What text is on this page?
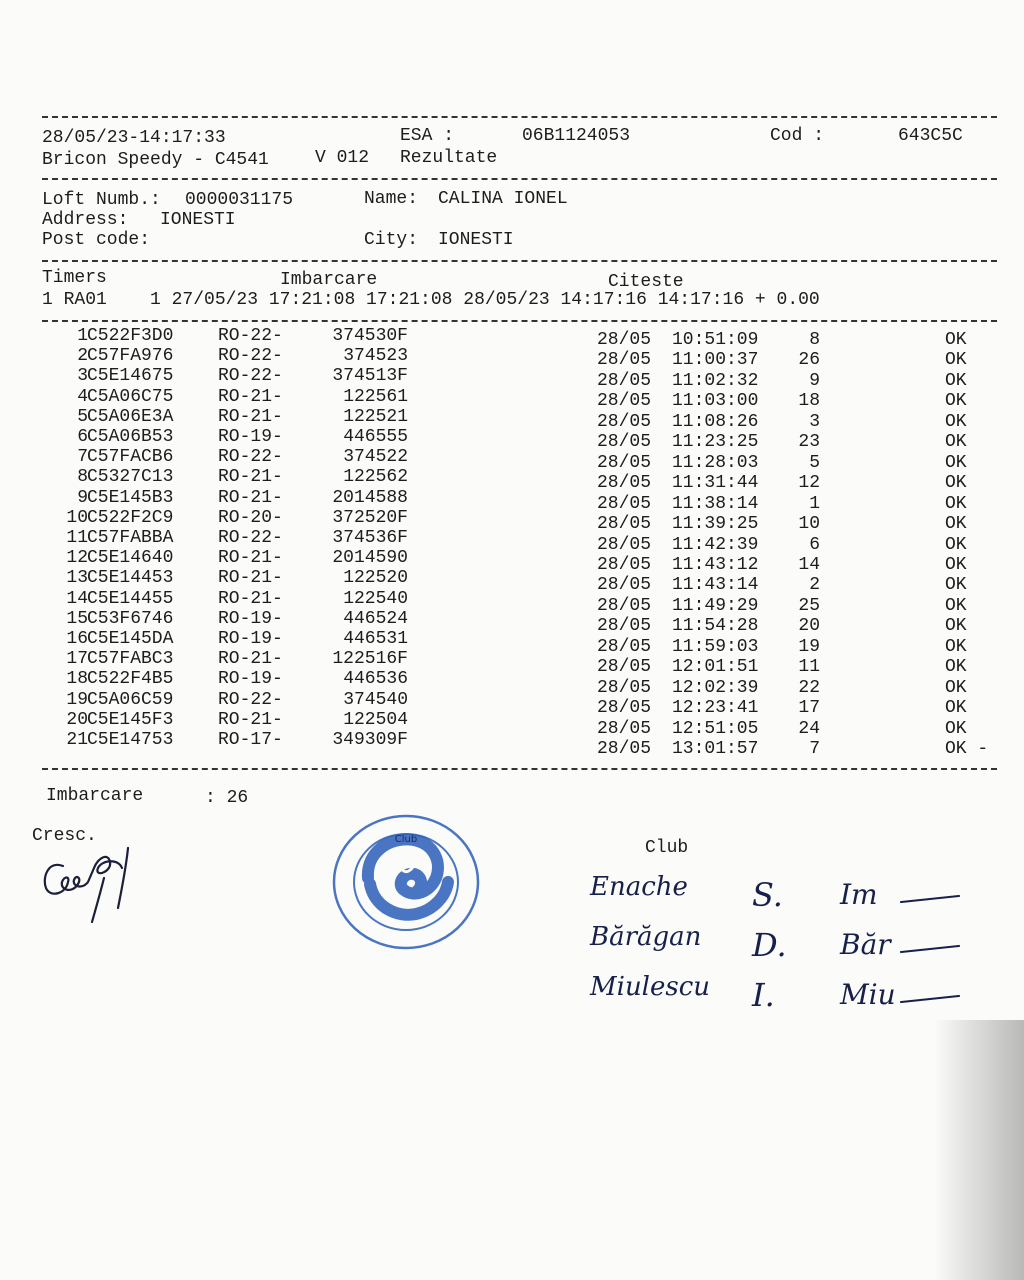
28/05/23-14:17:33	ESA :	06B1124053	Cod :	643C5C
Bricon Speedy - C4541	V 012 Rezultate
Loft Numb.: 0000031175	Name: CALINA IONEL
Address: IONESTI
Post code:	City: IONESTI
Timers	Imbarcare	Citeste
1 RA01    1 27/05/23 17:21:08 17:21:08 28/05/23 14:17:16 14:17:16 + 0.00
1 C522F3D0 RO-22-	374530F	28/05 10:51:09	8	OK
2 C57FA976 RO-22-	374523	28/05 11:00:37	26	OK
3 C5E14675 RO-22-	374513F	28/05 11:02:32	9	OK
4 C5A06C75 RO-21-	122561	28/05 11:03:00	18	OK
5 C5A06E3A RO-21-	122521	28/05 11:08:26	3	OK
6 C5A06B53 RO-19-	446555	28/05 11:23:25	23	OK
7 C57FACB6 RO-22-	374522	28/05 11:28:03	5	OK
8 C5327C13 RO-21-	122562	28/05 11:31:44	12	OK
9 C5E145B3 RO-21-	2014588	28/05 11:38:14	1	OK
10 C522F2C9 RO-20-	372520F	28/05 11:39:25	10	OK
11 C57FABBA RO-22-	374536F	28/05 11:42:39	6	OK
12 C5E14640 RO-21-	2014590	28/05 11:43:12	14	OK
13 C5E14453 RO-21-	122520	28/05 11:43:14	2	OK
14 C5E14455 RO-21-	122540	28/05 11:49:29	25	OK
15 C53F6746 RO-19-	446524	28/05 11:54:28	20	OK
16 C5E145DA RO-19-	446531	28/05 11:59:03	19	OK
17 C57FABC3 RO-21-	122516F	28/05 12:01:51	11	OK
18 C522F4B5 RO-19-	446536	28/05 12:02:39	22	OK
19 C5A06C59 RO-22-	374540	28/05 12:23:41	17	OK
20 C5E145F3 RO-21-	122504	28/05 12:51:05	24	OK
21 C5E14753 RO-17-	349309F	28/05 13:01:57	7	OK -
Imbarcare	: 26
Cresc.
Club
Club
Enache S. Im
Bărăgan D. Băr
Miulescu I. Miu
